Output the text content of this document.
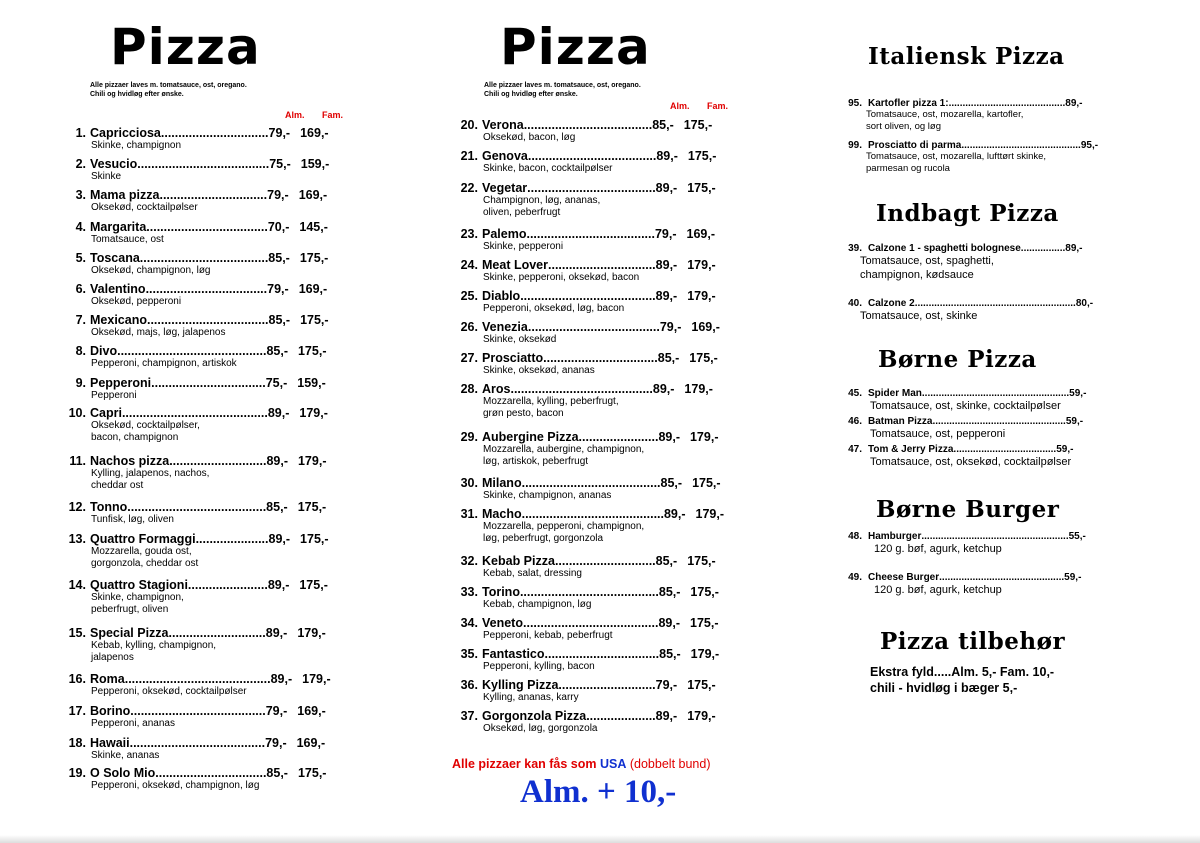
Pizza
Alle pizzaer laves m. tomatsauce, ost, oregano.
Chili og hvidløg efter ønske.
Alm. Fam.
1. Capricciosa ............................... 79,- 169,-
Skinke, champignon
2. Vesucio ...................................... 75,- 159,-
Skinke
3. Mama pizza ............................... 79,- 169,-
Oksekød, cocktailpølser
4. Margarita ................................... 70,- 145,-
Tomatsauce, ost
5. Toscana ..................................... 85,- 175,-
Oksekød, champignon, løg
6. Valentino ................................... 79,- 169,-
Oksekød, pepperoni
7. Mexicano ................................... 85,- 175,-
Oksekød, majs, løg, jalapenos
8. Divo ........................................... 85,- 175,-
Pepperoni, champignon, artiskok
9. Pepperoni ................................. 75,- 159,-
Pepperoni
10. Capri .......................................... 89,- 179,-
Oksekød, cocktailpølser,
bacon, champignon
11. Nachos pizza ............................ 89,- 179,-
Kylling, jalapenos, nachos,
cheddar ost
12. Tonno ........................................ 85,- 175,-
Tunfisk, løg, oliven
13. Quattro Formaggi ..................... 89,- 175,-
Mozzarella, gouda ost,
gorgonzola, cheddar ost
14. Quattro Stagioni ....................... 89,- 175,-
Skinke, champignon,
peberfrugt, oliven
15. Special Pizza ............................ 89,- 179,-
Kebab, kylling, champignon,
jalapenos
16. Roma .......................................... 89,- 179,-
Pepperoni, oksekød, cocktailpølser
17. Borino ....................................... 79,- 169,-
Pepperoni, ananas
18. Hawaii ....................................... 79,- 169,-
Skinke, ananas
19. O Solo Mio ................................ 85,- 175,-
Pepperoni, oksekød, champignon, løg
Pizza
Alle pizzaer laves m. tomatsauce, ost, oregano.
Chili og hvidløg efter ønske.
Alm. Fam.
20. Verona ..................................... 85,- 175,-
Oksekød, bacon, løg
21. Genova ..................................... 89,- 175,-
Skinke, bacon, cocktailpølser
22. Vegetar ..................................... 89,- 175,-
Champignon, løg, ananas,
oliven, peberfrugt
23. Palemo ..................................... 79,- 169,-
Skinke, pepperoni
24. Meat Lover ............................... 89,- 179,-
Skinke, pepperoni, oksekød, bacon
25. Diablo ....................................... 89,- 179,-
Pepperoni, oksekød, løg, bacon
26. Venezia ...................................... 79,- 169,-
Skinke, oksekød
27. Prosciatto ................................. 85,- 175,-
Skinke, oksekød, ananas
28. Aros ......................................... 89,- 179,-
Mozzarella, kylling, peberfrugt,
grøn pesto, bacon
29. Aubergine Pizza ....................... 89,- 179,-
Mozzarella, aubergine, champignon,
løg, artiskok, peberfrugt
30. Milano ........................................ 85,- 175,-
Skinke, champignon, ananas
31. Macho ......................................... 89,- 179,-
Mozzarella, pepperoni, champignon,
løg, peberfrugt, gorgonzola
32. Kebab Pizza ............................. 85,- 175,-
Kebab, salat, dressing
33. Torino ........................................ 85,- 175,-
Kebab, champignon, løg
34. Veneto ....................................... 89,- 175,-
Pepperoni, kebab, peberfrugt
35. Fantastico ................................. 85,- 179,-
Pepperoni, kylling, bacon
36. Kylling Pizza ............................ 79,- 175,-
Kylling, ananas, karry
37. Gorgonzola Pizza .................... 89,- 179,-
Oksekød, løg, gorgonzola
Alle pizzaer kan fås som USA (dobbelt bund)
Alm. + 10,-
Italiensk Pizza
Indbagt Pizza
Børne Pizza
Børne Burger
Pizza tilbehør
Ekstra fyld.....Alm. 5,- Fam. 10,-
chili - hvidløg i bæger 5,-
95. Kartofler pizza 1: .......................................... 89,-
Tomatsauce, ost, mozarella, kartofler,
sort oliven, og løg
99. Prosciatto di parma. .......................................... 95,-
Tomatsauce, ost, mozarella, lufttørt skinke,
parmesan og rucola
39. Calzone 1 - spaghetti bolognese. ............... 89,-
Tomatsauce, ost, spaghetti,
champignon, kødsauce
40. Calzone 2 .......................................................... 80,-
Tomatsauce, ost, skinke
45. Spider Man ..................................................... 59,-
Tomatsauce, ost, skinke, cocktailpølser
46. Batman Pizza. ............................................... 59,-
Tomatsauce, ost, pepperoni
47. Tom & Jerry Pizza. .................................... 59,-
Tomatsauce, ost, oksekød, cocktailpølser
48. Hamburger ..................................................... 55,-
120 g. bøf, agurk, ketchup
49. Cheese Burger ............................................. 59,-
120 g. bøf, agurk, ketchup
